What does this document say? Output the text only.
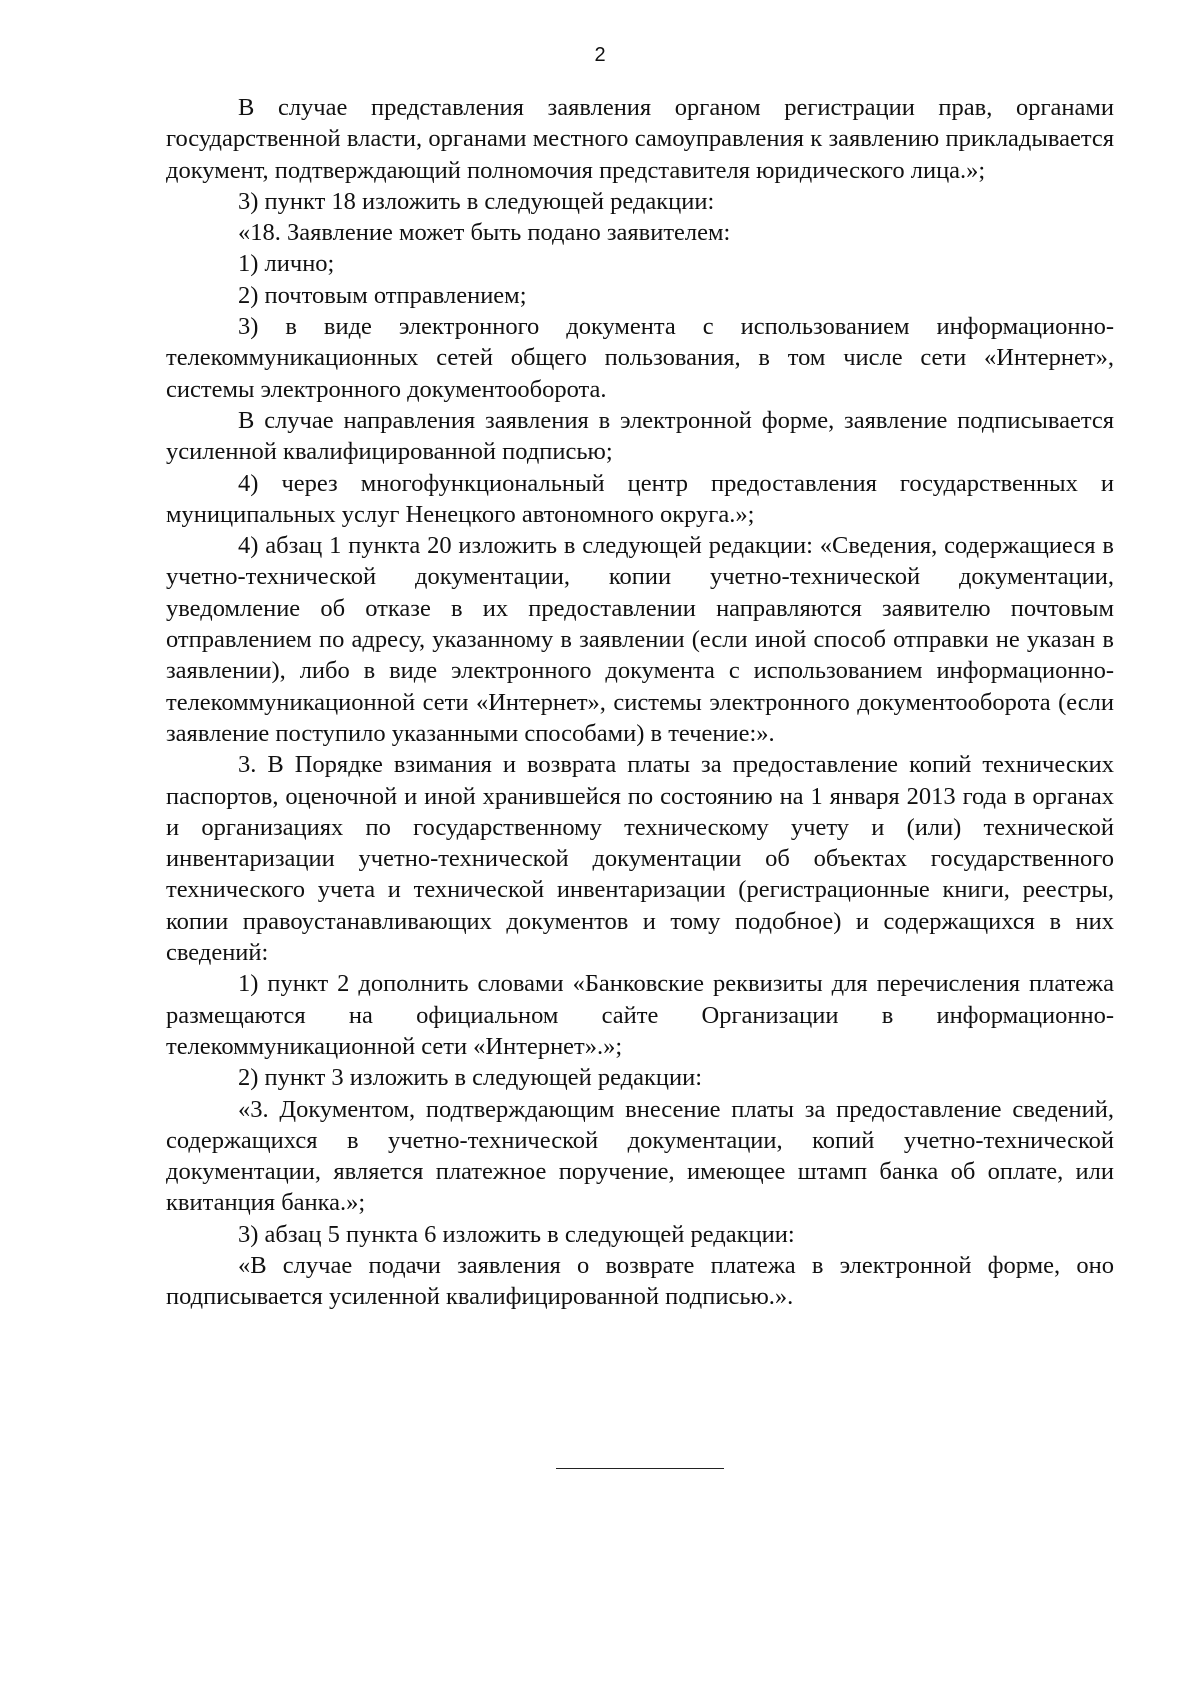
2

В случае представления заявления органом регистрации прав, органами государственной власти, органами местного самоуправления к заявлению прикладывается документ, подтверждающий полномочия представителя юридического лица.»;

3) пункт 18 изложить в следующей редакции:

«18. Заявление может быть подано заявителем:

1) лично;

2) почтовым отправлением;

3) в виде электронного документа с использованием информационно-телекоммуникационных сетей общего пользования, в том числе сети «Интернет», системы электронного документооборота.

В случае направления заявления в электронной форме, заявление подписывается усиленной квалифицированной подписью;

4) через многофункциональный центр предоставления государственных и муниципальных услуг Ненецкого автономного округа.»;

4) абзац 1 пункта 20 изложить в следующей редакции: «Сведения, содержащиеся в учетно-технической документации, копии учетно-технической документации, уведомление об отказе в их предоставлении направляются заявителю почтовым отправлением по адресу, указанному в заявлении (если иной способ отправки не указан в заявлении), либо в виде электронного документа с использованием информационно-телекоммуникационной сети «Интернет», системы электронного документооборота (если заявление поступило указанными способами) в течение:».

3. В Порядке взимания и возврата платы за предоставление копий технических паспортов, оценочной и иной хранившейся по состоянию на 1 января 2013 года в органах и организациях по государственному техническому учету и (или) технической инвентаризации учетно-технической документации об объектах государственного технического учета и технической инвентаризации (регистрационные книги, реестры, копии правоустанавливающих документов и тому подобное) и содержащихся в них сведений:

1) пункт 2 дополнить словами «Банковские реквизиты для перечисления платежа размещаются на официальном сайте Организации в информационно-телекоммуникационной сети «Интернет».»;

2) пункт 3 изложить в следующей редакции:

«3. Документом, подтверждающим внесение платы за предоставление сведений, содержащихся в учетно-технической документации, копий учетно-технической документации, является платежное поручение, имеющее штамп банка об оплате, или квитанция банка.»;

3) абзац 5 пункта 6 изложить в следующей редакции:

«В случае подачи заявления о возврате платежа в электронной форме, оно подписывается усиленной квалифицированной подписью.».
